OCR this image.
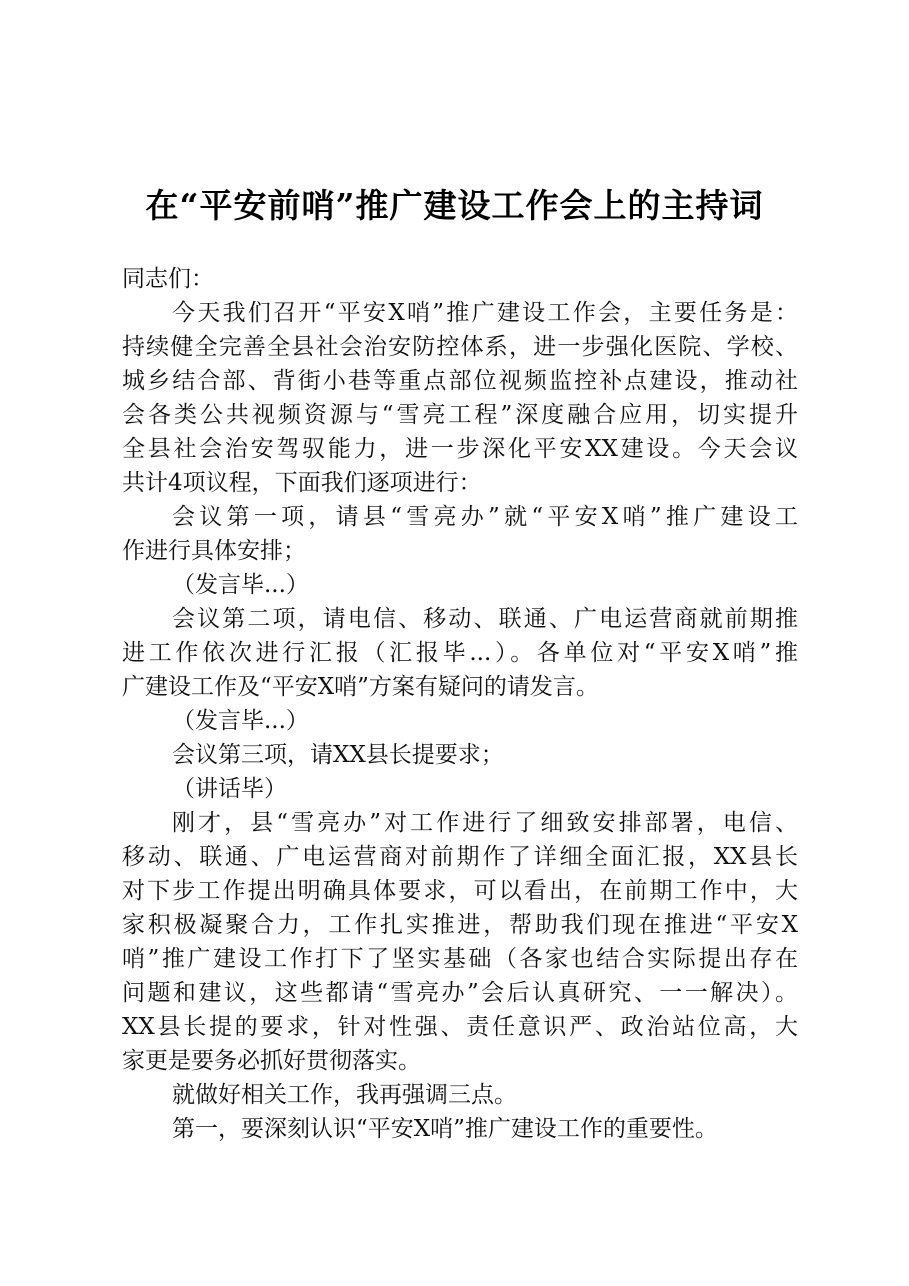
在“平安前哨”推广建设工作会上的主持词
同志们：
今天我们召开“平安X哨”推广建设工作会，主要任务是：
持续健全完善全县社会治安防控体系，进一步强化医院、学校、
城乡结合部、背街小巷等重点部位视频监控补点建设，推动社
会各类公共视频资源与“雪亮工程”深度融合应用，切实提升
全县社会治安驾驭能力，进一步深化平安XX建设。今天会议
共计4项议程，下面我们逐项进行：
会议第一项，请县“雪亮办”就“平安X哨”推广建设工
作进行具体安排；
（发言毕...）
会议第二项，请电信、移动、联通、广电运营商就前期推
进工作依次进行汇报（汇报毕...）。各单位对“平安X哨”推
广建设工作及“平安X哨”方案有疑问的请发言。
（发言毕...）
会议第三项，请XX县长提要求；
（讲话毕）
刚才，县“雪亮办”对工作进行了细致安排部署，电信、
移动、联通、广电运营商对前期作了详细全面汇报，XX县长
对下步工作提出明确具体要求，可以看出，在前期工作中，大
家积极凝聚合力，工作扎实推进，帮助我们现在推进“平安X
哨”推广建设工作打下了坚实基础（各家也结合实际提出存在
问题和建议，这些都请“雪亮办”会后认真研究、一一解决）。
XX县长提的要求，针对性强、责任意识严、政治站位高，大
家更是要务必抓好贯彻落实。
就做好相关工作，我再强调三点。
第一，要深刻认识“平安X哨”推广建设工作的重要性。
